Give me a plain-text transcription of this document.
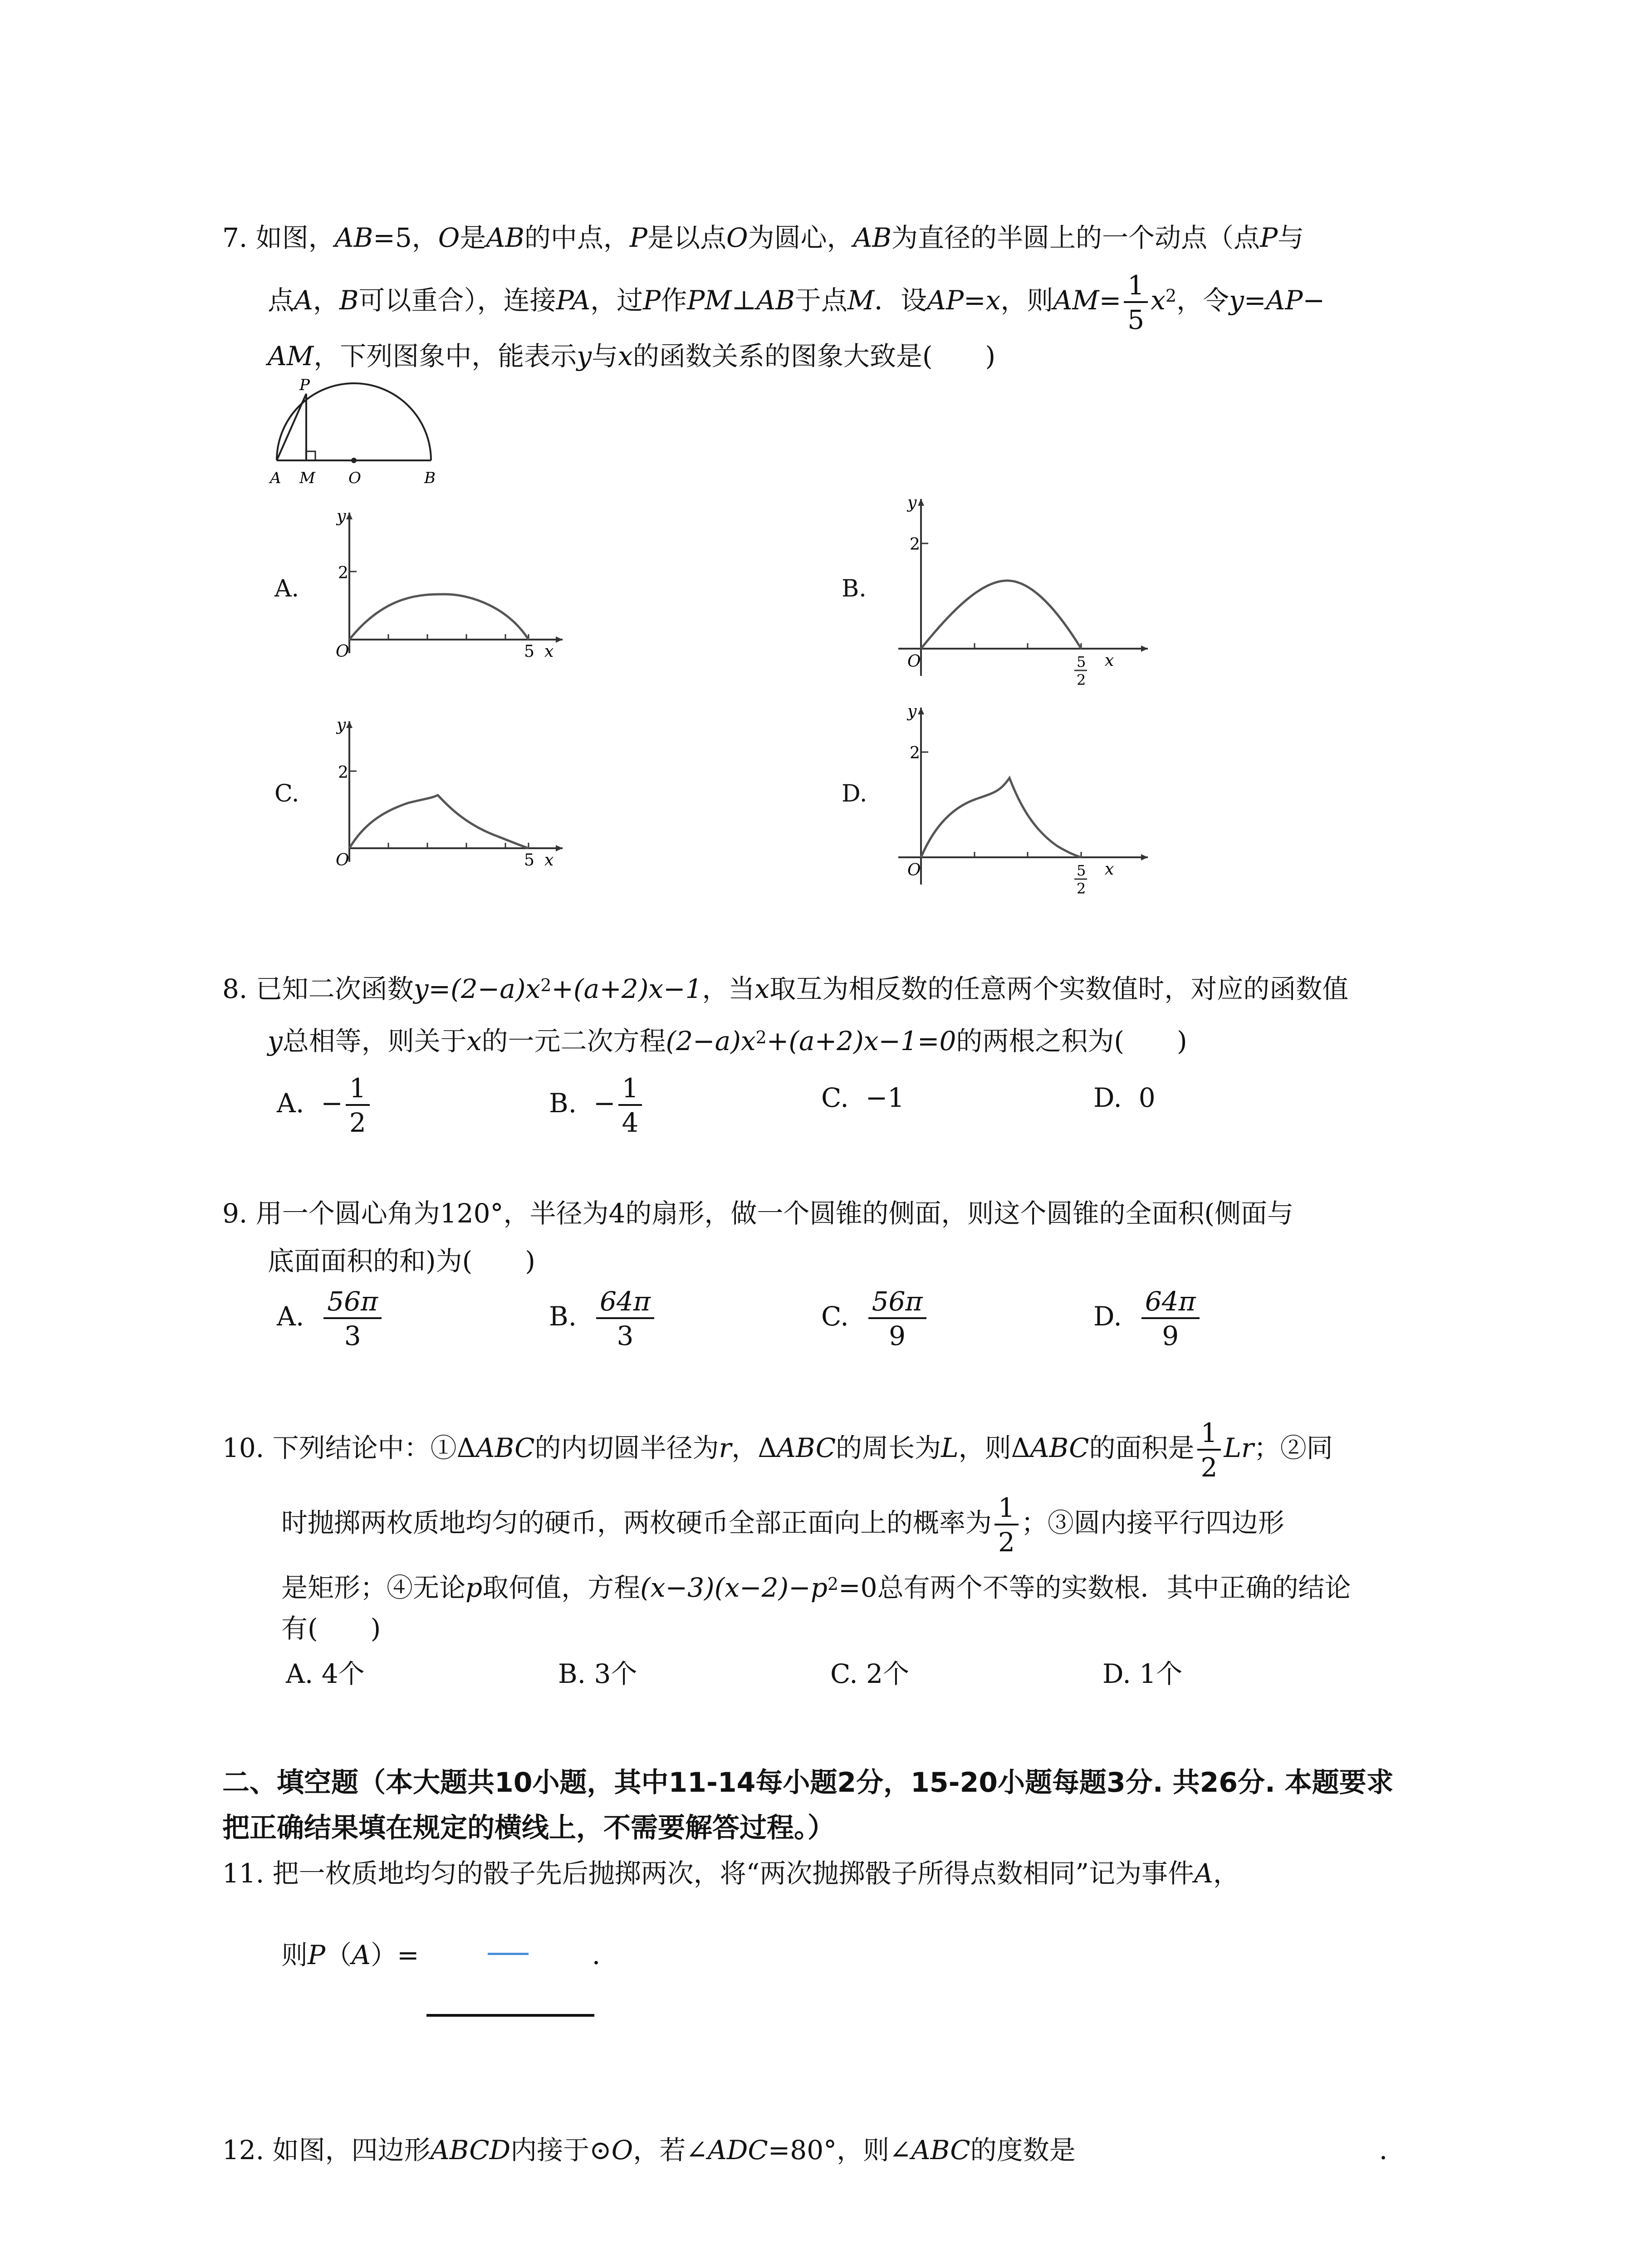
7. 如图，AB=5，O是AB的中点，P是以点O为圆心，AB为直径的半圆上的一个动点（点P与
点A，B可以重合），连接PA，过P作PM⊥AB于点M．设AP=x，则$AM= \frac{1}{5} x^2$，令y=AP−
AM，下列图象中，能表示y与x的函数关系的图象大致是(　　)
P
A M O	B
A.	B.
C.	D.
y
2
O	5 x
y
2
O	5
2
x
y
2
O	5 x
y
2
O	5
2
x
8. 已知二次函数$y=(2-a)x^2+(a+2)x-1$，当x取互为相反数的任意两个实数值时，对应的函数值
y总相等，则关于x的一元二次方程$(2-a)x^2+(a+2)x-1=0$的两根之积为(　　)
A. − $\frac{1}{2}$	B. − $\frac{1}{4}$	C. −1	D. 0
9. 用一个圆心角为120°，半径为4的扇形，做一个圆锥的侧面，则这个圆锥的全面积(侧面与
底面面积的和)为(　　)
A. $\frac{56\pi}{3}$	B. $\frac{64\pi}{3}$	C. $\frac{56\pi}{9}$	D. $\frac{64\pi}{9}$
10. 下列结论中：①ΔABC的内切圆半径为r，ΔABC的周长为L，则ΔABC的面积是 $\frac{1}{2}$ Lr；②同
时抛掷两枚质地均匀的硬币，两枚硬币全部正面向上的概率为 $\frac{1}{2}$ ；③圆内接平行四边形
是矩形；④无论p取何值，方程$(x-3)(x-2)-p^2=0$总有两个不等的实数根．其中正确的结论
有(　　)
A. 4个	B. 3个	C. 2个	D. 1个
二、填空题（本大题共10小题，其中11-14每小题2分，15-20小题每题3分. 共26分. 本题要求
把正确结果填在规定的横线上，不需要解答过程。）
11. 把一枚质地均匀的骰子先后抛掷两次，将“两次抛掷骰子所得点数相同”记为事件A，
则P（A）=	．
12. 如图，四边形ABCD内接于⊙O，若∠ADC=80°，则∠ABC的度数是	．
